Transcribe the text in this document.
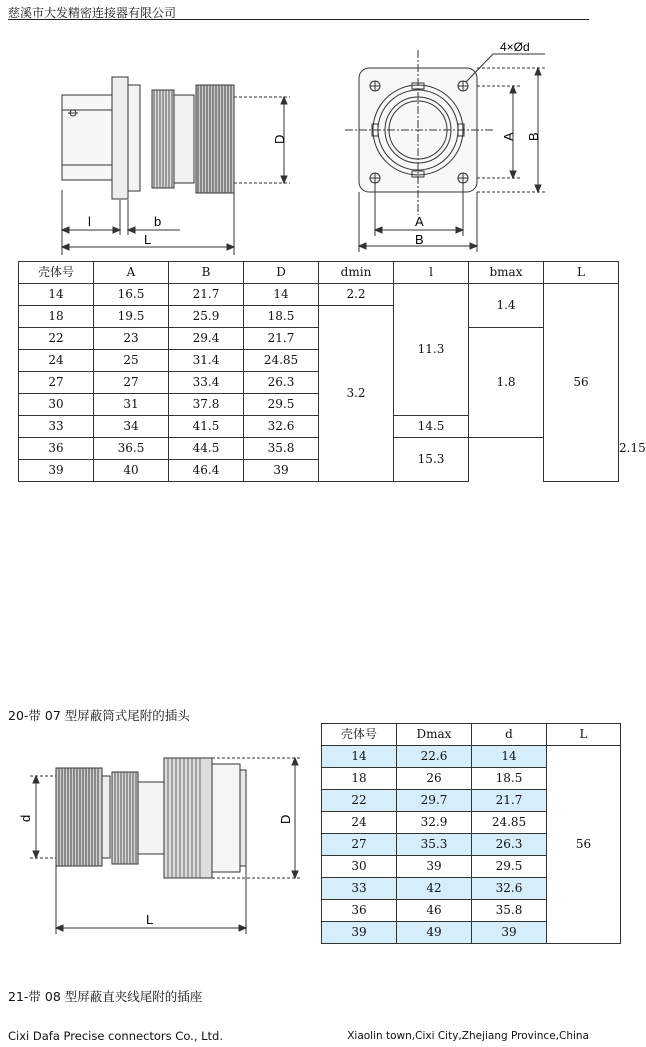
慈溪市大发精密连接器有限公司
D
l	b
L
4×Ød
A B
A
B
壳体号	A	B	D	dmin	l	bmax	L	
14	16.5	21.7	14	2.2	11.3	1.4	56	
18	19.5	25.9	18.5	3.2				
22	23	29.4	21.7			1.8		
24	25	31.4	24.85					
27	27	33.4	26.3					
30	31	37.8	29.5					
33	34	41.5	32.6		14.5			2.15
36	36.5	44.5	35.8		15.3			
39	40	46.4	39					
20-带 07 型屏蔽筒式尾附的插头
d	D
L
壳体号	Dmax	d	L
14	22.6	14	56
18	26	18.5	
22	29.7	21.7	
24	32.9	24.85	
27	35.3	26.3	
30	39	29.5	
33	42	32.6	
36	46	35.8	
39	49	39	
21-带 08 型屏蔽直夹线尾附的插座
Cixi Dafa Precise connectors Co., Ltd.	Xiaolin town,Cixi City,Zhejiang Province,China
